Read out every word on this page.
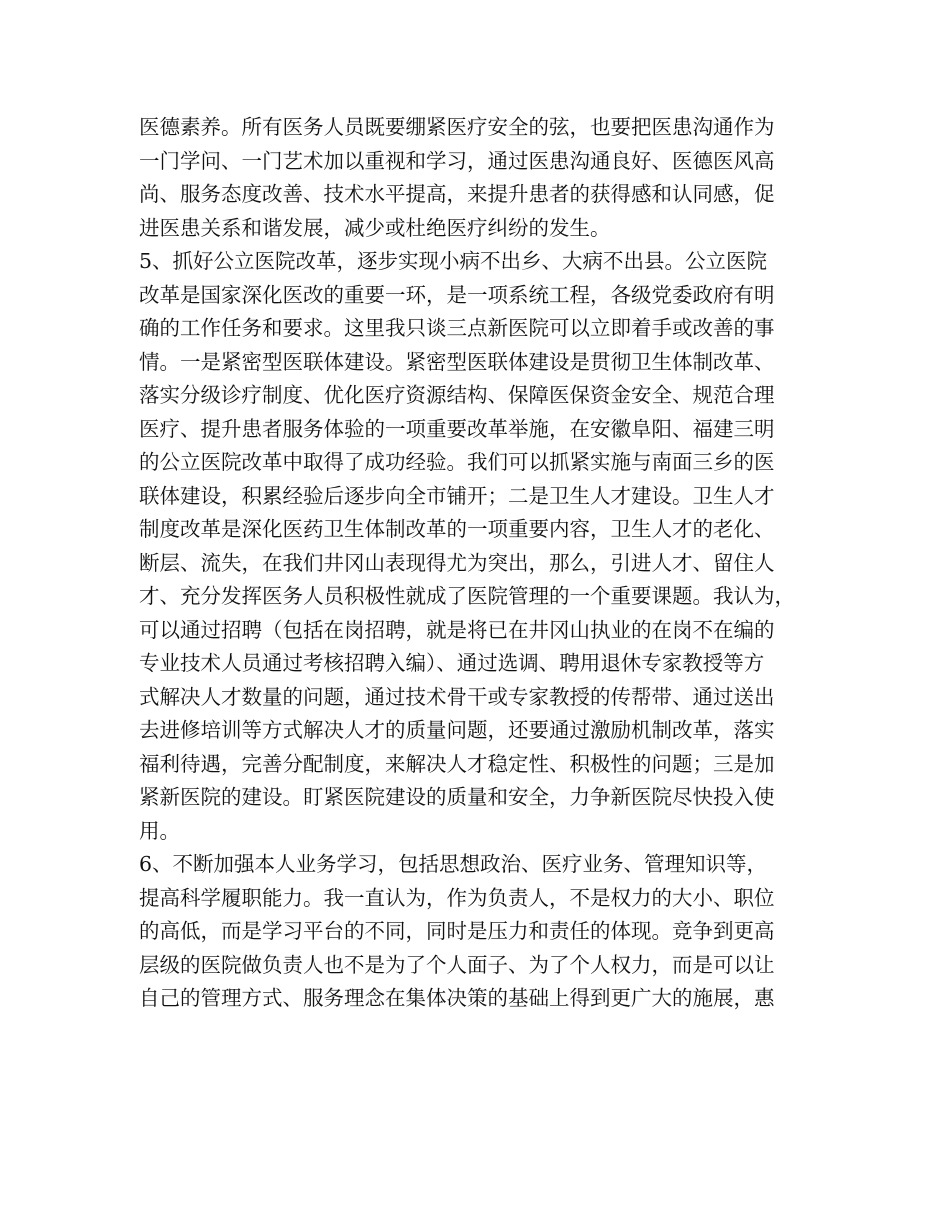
医德素养。所有医务人员既要绷紧医疗安全的弦，也要把医患沟通作为
一门学问、一门艺术加以重视和学习，通过医患沟通良好、医德医风高
尚、服务态度改善、技术水平提高，来提升患者的获得感和认同感，促
进医患关系和谐发展，减少或杜绝医疗纠纷的发生。
5、抓好公立医院改革，逐步实现小病不出乡、大病不出县。公立医院
改革是国家深化医改的重要一环，是一项系统工程，各级党委政府有明
确的工作任务和要求。这里我只谈三点新医院可以立即着手或改善的事
情。一是紧密型医联体建设。紧密型医联体建设是贯彻卫生体制改革、
落实分级诊疗制度、优化医疗资源结构、保障医保资金安全、规范合理
医疗、提升患者服务体验的一项重要改革举施，在安徽阜阳、福建三明
的公立医院改革中取得了成功经验。我们可以抓紧实施与南面三乡的医
联体建设，积累经验后逐步向全市铺开；二是卫生人才建设。卫生人才
制度改革是深化医药卫生体制改革的一项重要内容，卫生人才的老化、
断层、流失，在我们井冈山表现得尤为突出，那么，引进人才、留住人
才、充分发挥医务人员积极性就成了医院管理的一个重要课题。我认为，
可以通过招聘（包括在岗招聘，就是将已在井冈山执业的在岗不在编的
专业技术人员通过考核招聘入编）、通过选调、聘用退休专家教授等方
式解决人才数量的问题，通过技术骨干或专家教授的传帮带、通过送出
去进修培训等方式解决人才的质量问题，还要通过激励机制改革，落实
福利待遇，完善分配制度，来解决人才稳定性、积极性的问题；三是加
紧新医院的建设。盯紧医院建设的质量和安全，力争新医院尽快投入使
用。
6、不断加强本人业务学习，包括思想政治、医疗业务、管理知识等，
提高科学履职能力。我一直认为，作为负责人，不是权力的大小、职位
的高低，而是学习平台的不同，同时是压力和责任的体现。竞争到更高
层级的医院做负责人也不是为了个人面子、为了个人权力，而是可以让
自己的管理方式、服务理念在集体决策的基础上得到更广大的施展，惠
